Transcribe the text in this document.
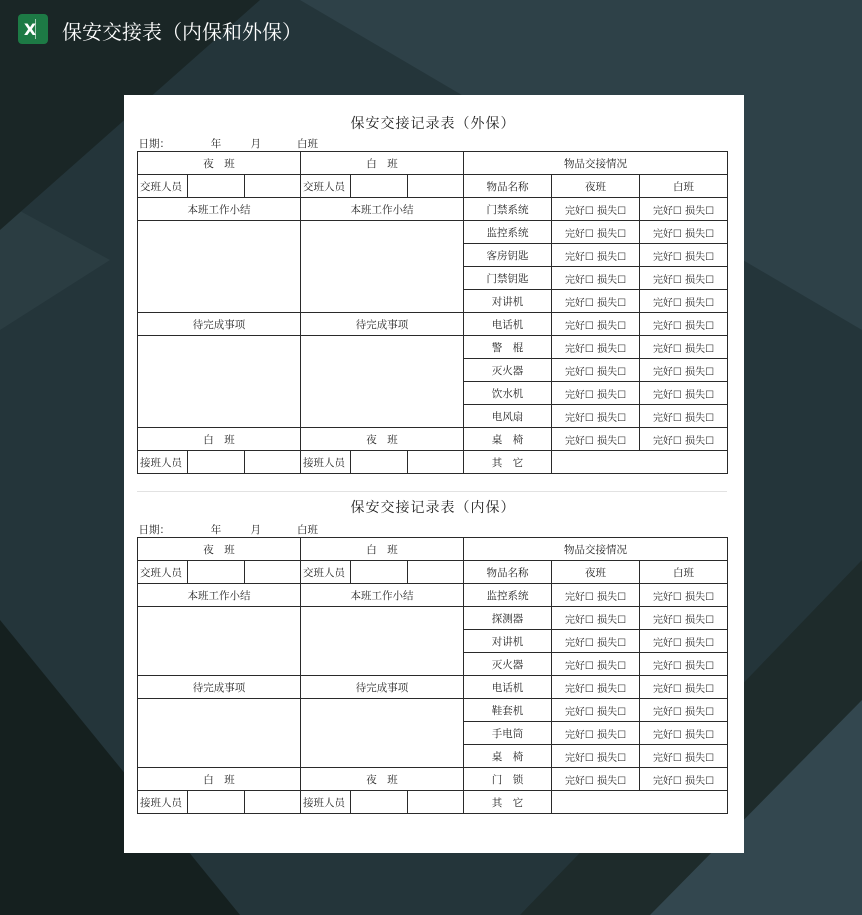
X 保安交接表（内保和外保）
保安交接记录表（外保）
日期：	年	月 白班						
夜　班			白　班			物品交接情况		
交班人员			交班人员			物品名称	夜班	白班
本班工作小结			本班工作小结			门禁系统	完好☐ 损失☐	完好☐ 损失☐
						监控系统	完好☐ 损失☐	完好☐ 损失☐
						客房钥匙	完好☐ 损失☐	完好☐ 损失☐
						门禁钥匙	完好☐ 损失☐	完好☐ 损失☐
						对讲机	完好☐ 损失☐	完好☐ 损失☐
待完成事项			待完成事项			电话机	完好☐ 损失☐	完好☐ 损失☐
						警　棍	完好☐ 损失☐	完好☐ 损失☐
						灭火器	完好☐ 损失☐	完好☐ 损失☐
						饮水机	完好☐ 损失☐	完好☐ 损失☐
						电风扇	完好☐ 损失☐	完好☐ 损失☐
白　班			夜　班			桌　椅	完好☐ 损失☐	完好☐ 损失☐
接班人员			接班人员			其　它		
保安交接记录表（内保）
日期：	年	月 白班						
夜　班			白　班			物品交接情况		
交班人员			交班人员			物品名称	夜班	白班
本班工作小结			本班工作小结			监控系统	完好☐ 损失☐	完好☐ 损失☐
						探测器	完好☐ 损失☐	完好☐ 损失☐
						对讲机	完好☐ 损失☐	完好☐ 损失☐
						灭火器	完好☐ 损失☐	完好☐ 损失☐
待完成事项			待完成事项			电话机	完好☐ 损失☐	完好☐ 损失☐
						鞋套机	完好☐ 损失☐	完好☐ 损失☐
						手电筒	完好☐ 损失☐	完好☐ 损失☐
						桌　椅	完好☐ 损失☐	完好☐ 损失☐
白　班			夜　班			门　锁	完好☐ 损失☐	完好☐ 损失☐
接班人员			接班人员			其　它		
